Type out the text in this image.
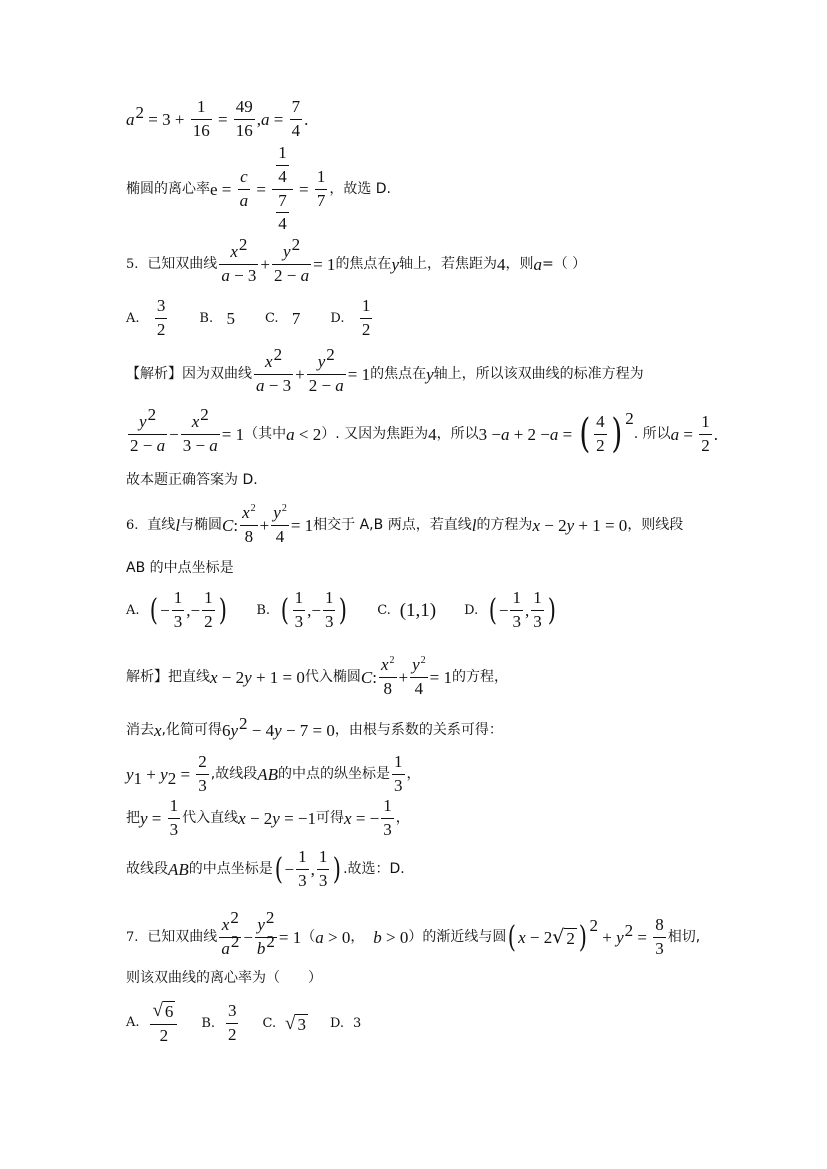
$a^2 = 3$ +
1
16
=
49
16
, a =
7
4
.
椭圆的离心率 e =
c
a
=
$\frac{1}{4}$
$\frac{7}{4}$
=
1
7
，故选 D.
5.
已知双曲线
$x^2$
a − 3
+
$y^2$
2 − a
= 1 的焦点在 y 轴上，若焦距为 4 ，则 a =（ ）
A.

3
2
B.
5 C.
7 D.

1
2
【解析】因为双曲线
$x^2$
a − 3
+
$y^2$
2 − a
= 1 的焦点在 y 轴上，所以该双曲线的标准方程为
$y^2$
2 − a
−
$x^2$
3 − a
= 1 （其中 a < 2 ）. 又因为焦距为 4 ，所以 3 − a + 2 − a = ( 4
2 )$^2$
. 所以 a =
1
2
.
故本题正确答案为 D.
6.
直线 l 与椭圆 C :
$x^2$
8
+
$y^2$
4
= 1 相交于 A,B 两点，若直线 l 的方程为 x − 2 y + 1 = 0 ，则线段
AB 的中点坐标是
A.
( −
1
3
,−
1
2 ) B.
( 1
3
,−
1
3 ) C.
(1,1) D.
( −
1
3
,
1
3 )
解析】把直线 x − 2 y + 1 = 0 代入椭圆 C :
$x^2$
8
+
$y^2$
4
= 1 的方程，
消去 x ,化简可得 6 $y^2 - 4$ y − 7 = 0 ，由根与系数的关系可得：
$y_1 + y_2$ =
2
3
,故线段 AB 的中点的纵坐标是
1
3
，
把 y =
1
3
代入直线 x − 2 y = −1 可得 x = −
1
3
，
故线段 AB 的中点坐标是 ( −
1
3
,
1
3 ) .故选：D.
7.
已知双曲线
$x^2$
$a^2$ −
$y^2$
$b^2 = 1$ （ a > 0 ，
b > 0 ）的渐近线与圆 ( x − 2 √ 2 )$^2$
+ $y^2$ =
8
3
相切,
则该双曲线的离心率为（　　）
A.

√ 6
2
B.

3
2
C.
√ 3 D.
3
